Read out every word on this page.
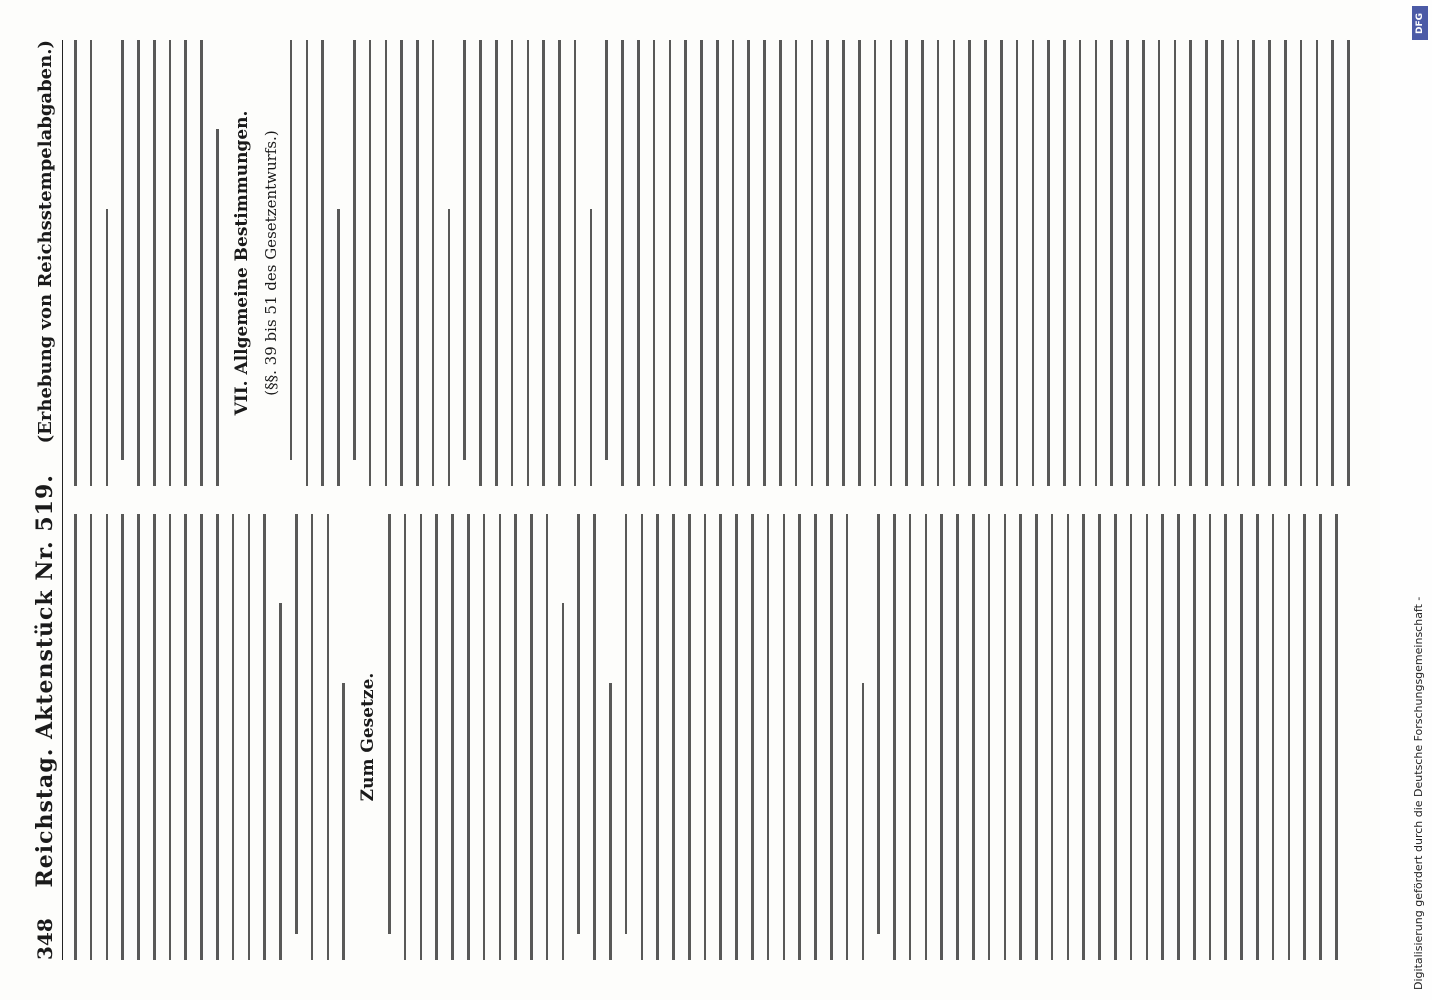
348
Reichstag. Aktenstück Nr. 519.
(Erhebung von Reichsstempelabgaben.)
Zum Gesetze.
VII. Allgemeine Bestimmungen. (§§. 39 bis 51 des Gesetzentwurfs.)
Digitalisierung gefördert durch die Deutsche Forschungsgemeinschaft -
DFG
